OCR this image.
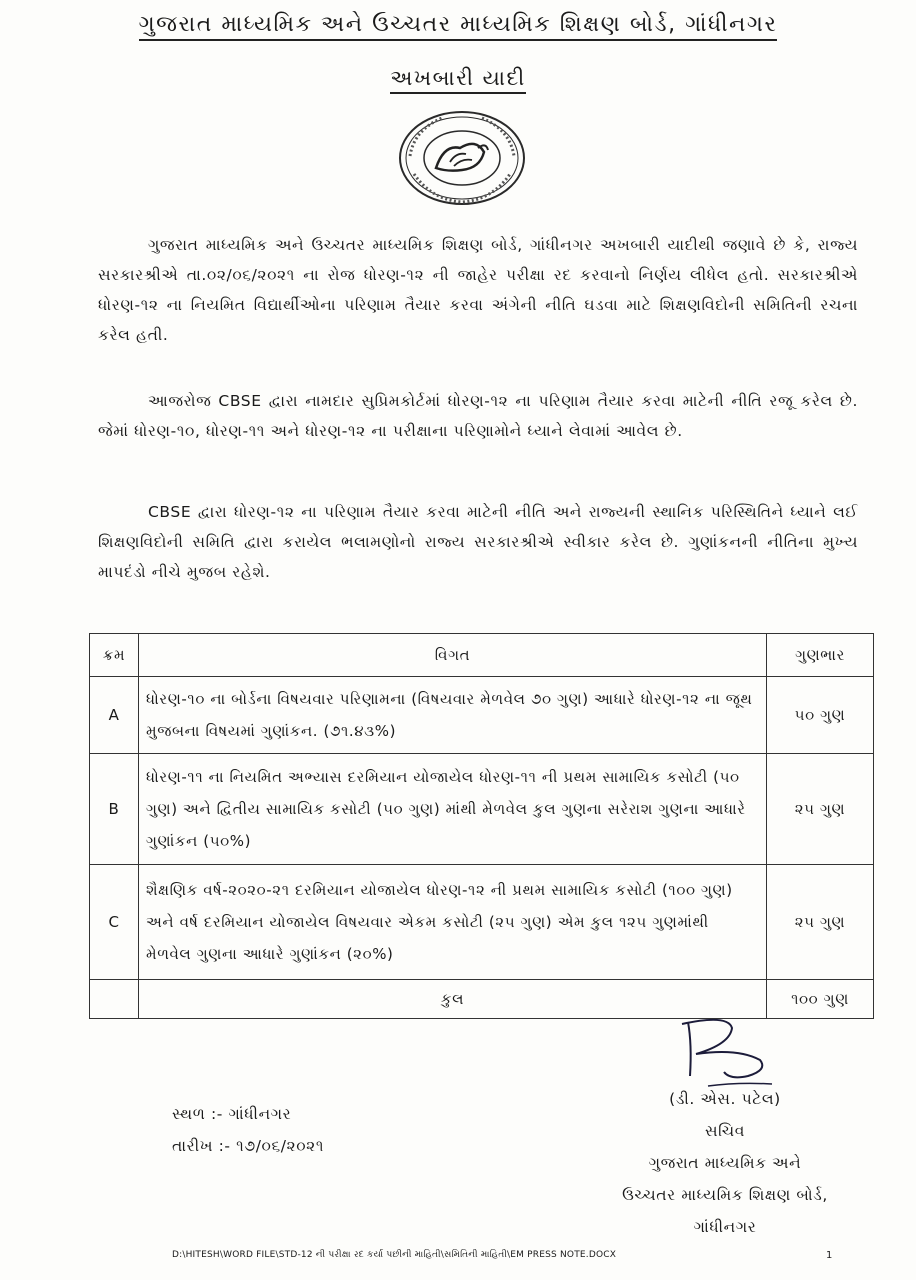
ગુજરાત માધ્યમિક અને ઉચ્ચતર માધ્યમિક શિક્ષણ બોર્ડ, ગાંધીનગર
અખબારી યાદી

ગુજરાત માધ્યમિક અને ઉચ્ચતર માધ્યમિક શિક્ષણ બોર્ડ, ગાંધીનગર અખબારી યાદીથી જણાવે છે કે, રાજ્ય સરકારશ્રીએ તા.૦૨/૦૬/૨૦૨૧ ના રોજ ધોરણ-૧૨ ની જાહેર પરીક્ષા રદ કરવાનો નિર્ણય લીધેલ હતો. સરકારશ્રીએ ધોરણ-૧૨ ના નિયમિત વિદ્યાર્થીઓના પરિણામ તૈયાર કરવા અંગેની નીતિ ઘડવા માટે શિક્ષણવિદોની સમિતિની રચના કરેલ હતી.

આજરોજ CBSE દ્વારા નામદાર સુપ્રિમકોર્ટમાં ધોરણ-૧૨ ના પરિણામ તૈયાર કરવા માટેની નીતિ રજૂ કરેલ છે. જેમાં ધોરણ-૧૦, ધોરણ-૧૧ અને ધોરણ-૧૨ ના પરીક્ષાના પરિણામોને ધ્યાને લેવામાં આવેલ છે.

CBSE દ્વારા ધોરણ-૧૨ ના પરિણામ તૈયાર કરવા માટેની નીતિ અને રાજ્યની સ્થાનિક પરિસ્થિતિને ધ્યાને લઈ શિક્ષણવિદોની સમિતિ દ્વારા કરાયેલ ભલામણોનો રાજ્ય સરકારશ્રીએ સ્વીકાર કરેલ છે. ગુણાંકનની નીતિના મુખ્ય માપદંડો નીચે મુજબ રહેશે.

ક્રમ	વિગત	ગુણભાર
A	ધોરણ-૧૦ ના બોર્ડના વિષયવાર પરિણામના (વિષયવાર મેળવેલ ૭૦ ગુણ) આધારે ધોરણ-૧૨ ના જૂથ મુજબના વિષયમાં ગુણાંકન. (૭૧.૪૩%)	૫૦ ગુણ
B	ધોરણ-૧૧ ના નિયમિત અભ્યાસ દરમિયાન યોજાયેલ ધોરણ-૧૧ ની પ્રથમ સામાયિક કસોટી (૫૦ ગુણ) અને દ્વિતીય સામાયિક કસોટી (૫૦ ગુણ) માંથી મેળવેલ કુલ ગુણના સરેરાશ ગુણના આધારે ગુણાંકન (૫૦%)	૨૫ ગુણ
C	શૈક્ષણિક વર્ષ-૨૦૨૦-૨૧ દરમિયાન યોજાયેલ ધોરણ-૧૨ ની પ્રથમ સામાયિક કસોટી (૧૦૦ ગુણ) અને વર્ષ દરમિયાન યોજાયેલ વિષયવાર એકમ કસોટી (૨૫ ગુણ) એમ કુલ ૧૨૫ ગુણમાંથી મેળવેલ ગુણના આધારે ગુણાંકન (૨૦%)	૨૫ ગુણ
	કુલ	૧૦૦ ગુણ
સ્થળ :- ગાંધીનગર
તારીખ :- ૧૭/૦૬/૨૦૨૧
(ડી. એસ. પટેલ)
સચિવ
ગુજરાત માધ્યમિક અને
ઉચ્ચતર માધ્યમિક શિક્ષણ બોર્ડ,
ગાંધીનગર
D:\HITESH\WORD FILE\STD-12 ની પરીક્ષા રદ કર્યા પછીની માહિતી\સમિતિની માહિતી\EM PRESS NOTE.DOCX	1
